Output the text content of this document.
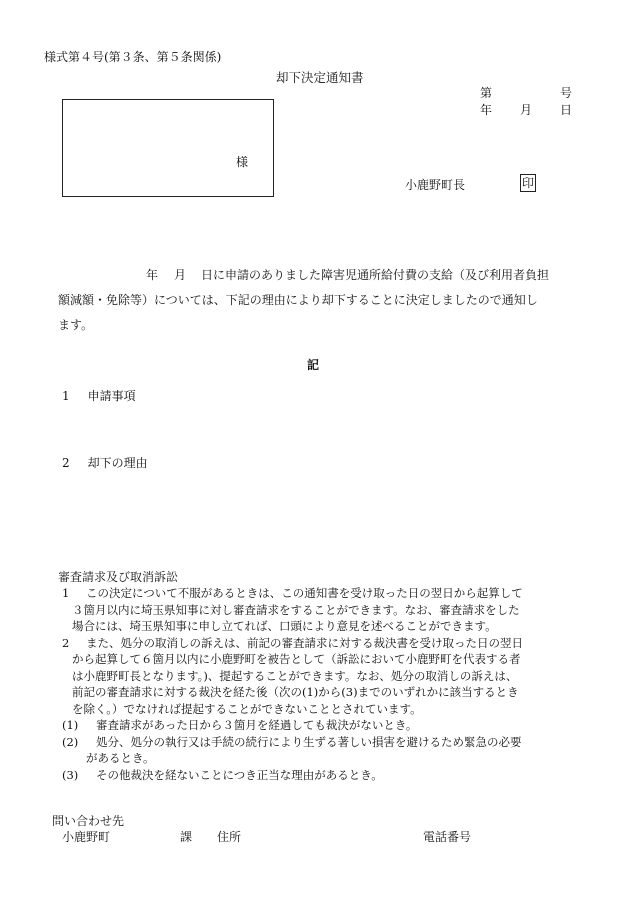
様式第４号(第３条、第５条関係)
却下決定通知書
第	号
年 月 日
様
小鹿野町長	印
年 月 日に申請のありました障害児通所給付費の支給（及び利用者負担
額減額・免除等）については、下記の理由により却下することに決定しましたので通知し
ます。
記
1 申請事項
2 却下の理由
審査請求及び取消訴訟
1 この決定について不服があるときは、この通知書を受け取った日の翌日から起算して
３箇月以内に埼玉県知事に対し審査請求をすることができます。なお、審査請求をした
場合には、埼玉県知事に申し立てれば、口頭により意見を述べることができます。
2 また、処分の取消しの訴えは、前記の審査請求に対する裁決書を受け取った日の翌日
から起算して６箇月以内に小鹿野町を被告として（訴訟において小鹿野町を代表する者
は小鹿野町長となります。)、提起することができます。なお、処分の取消しの訴えは、
前記の審査請求に対する裁決を経た後（次の(1)から(3)までのいずれかに該当するとき
を除く。）でなければ提起することができないこととされています。
(1) 審査請求があった日から３箇月を経過しても裁決がないとき。
(2) 処分、処分の執行又は手続の続行により生ずる著しい損害を避けるため緊急の必要
があるとき。
(3) その他裁決を経ないことにつき正当な理由があるとき。
問い合わせ先
小鹿野町	課 住所	電話番号
